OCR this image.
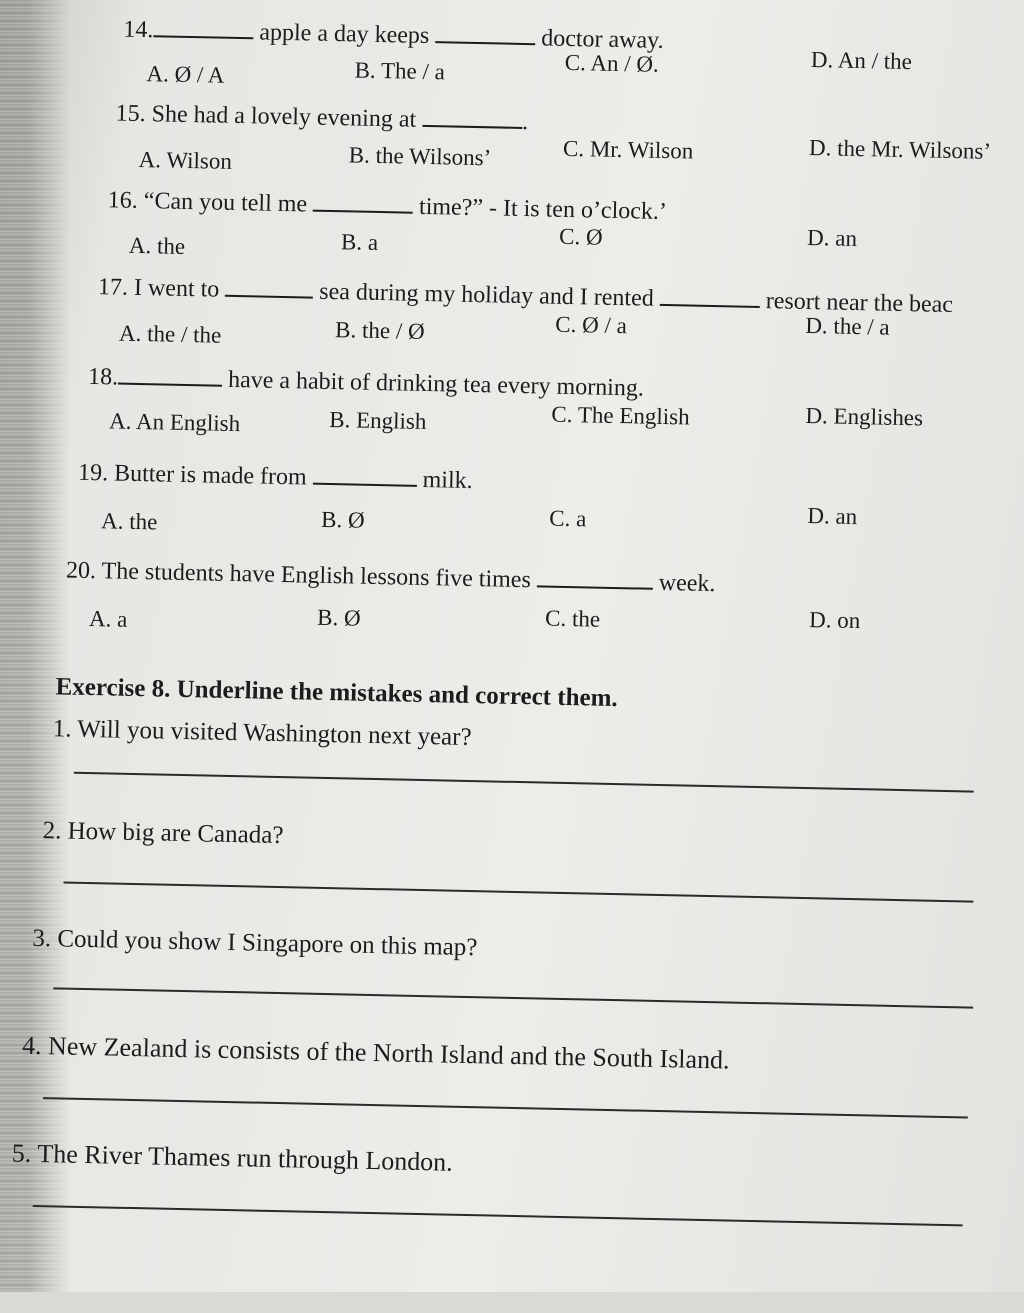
14.	apple a day keeps	doctor away.
A. Ø / A	B. The / a	C. An / Ø.	D. An / the
15. She had a lovely evening at	.
A. Wilson	B. the Wilsons’	C. Mr. Wilson	D. the Mr. Wilsons’
16. “Can you tell me	time?” - It is ten o’clock.’
A. the	B. a	C. Ø	D. an
17. I went to	sea during my holiday and I rented	resort near the beac
A. the / the	B. the / Ø	C. Ø / a	D. the / a
18.	have a habit of drinking tea every morning.
A. An English	B. English	C. The English	D. Englishes
19. Butter is made from	milk.
A. the	B. Ø	C. a	D. an
20. The students have English lessons five times	week.
A. a	B. Ø	C. the	D. on
Exercise 8. Underline the mistakes and correct them.
1. Will you visited Washington next year?
2. How big are Canada?
3. Could you show I Singapore on this map?
4. New Zealand is consists of the North Island and the South Island.
5. The River Thames run through London.
